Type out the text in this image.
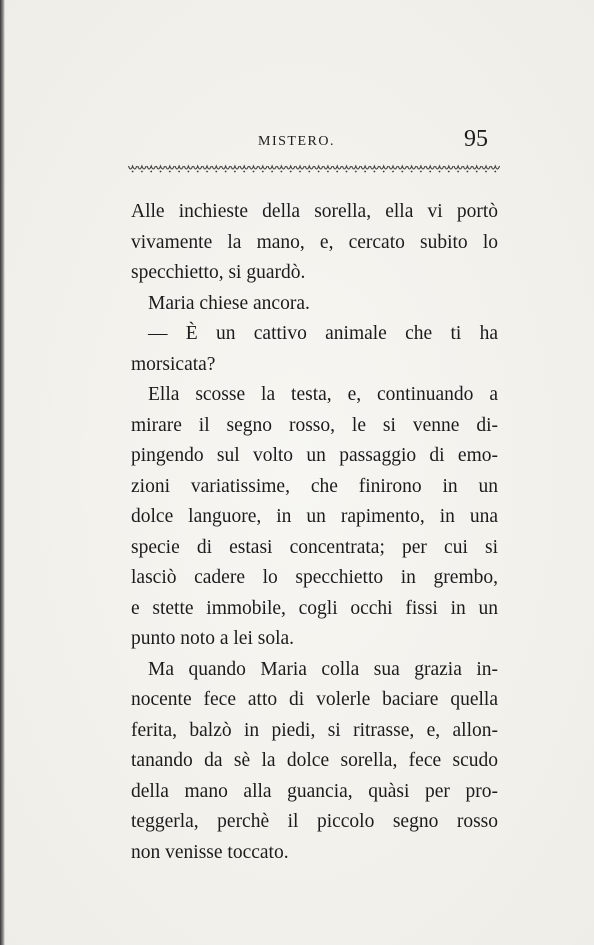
MISTERO.	95
Alle inchieste della sorella, ella vi portò
vivamente la mano, e, cercato subito lo
specchietto, si guardò.
Maria chiese ancora.
— È un cattivo animale che ti ha
morsicata?
Ella scosse la testa, e, continuando a
mirare il segno rosso, le si venne di-
pingendo sul volto un passaggio di emo-
zioni variatissime, che finirono in un
dolce languore, in un rapimento, in una
specie di estasi concentrata; per cui si
lasciò cadere lo specchietto in grembo,
e stette immobile, cogli occhi fissi in un
punto noto a lei sola.
Ma quando Maria colla sua grazia in-
nocente fece atto di volerle baciare quella
ferita, balzò in piedi, si ritrasse, e, allon-
tanando da sè la dolce sorella, fece scudo
della mano alla guancia, quàsi per pro-
teggerla, perchè il piccolo segno rosso
non venisse toccato.
